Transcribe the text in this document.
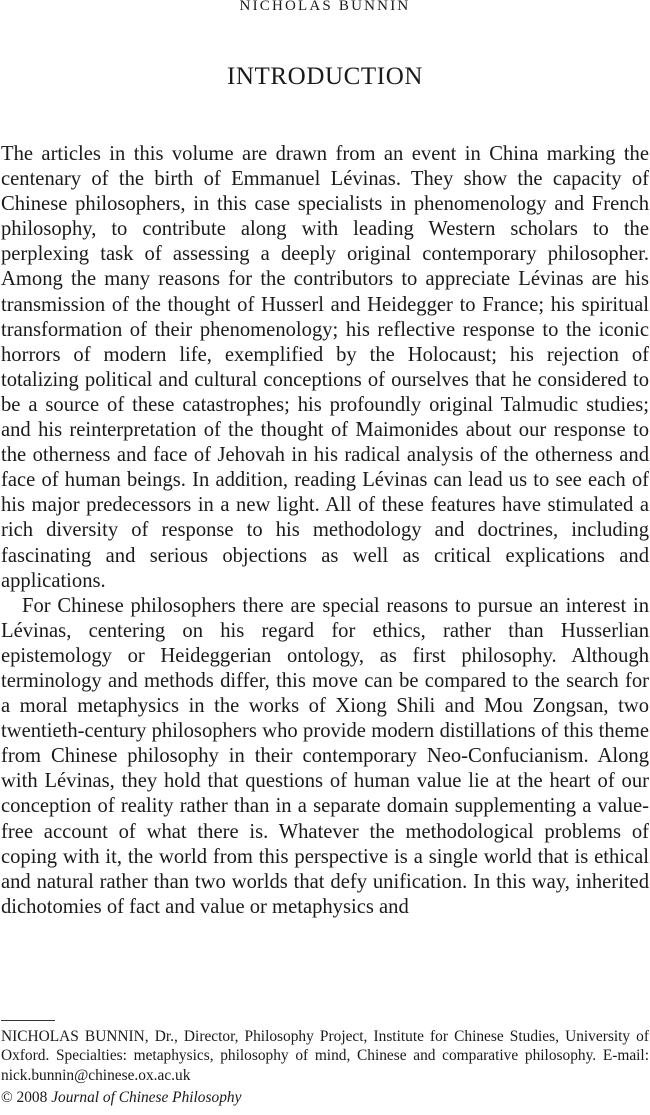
NICHOLAS BUNNIN
INTRODUCTION

The articles in this volume are drawn from an event in China marking the centenary of the birth of Emmanuel Lévinas. They show the capacity of Chinese philosophers, in this case specialists in phenomenology and French philosophy, to contribute along with leading Western scholars to the perplexing task of assessing a deeply original contemporary philosopher. Among the many reasons for the contributors to appreciate Lévinas are his transmission of the thought of Husserl and Heidegger to France; his spiritual transformation of their phenomenology; his reflective response to the iconic horrors of modern life, exemplified by the Holocaust; his rejection of totalizing political and cultural conceptions of ourselves that he considered to be a source of these catastrophes; his profoundly original Talmudic studies; and his reinterpretation of the thought of Maimonides about our response to the otherness and face of Jehovah in his radical analysis of the otherness and face of human beings. In addition, reading Lévinas can lead us to see each of his major predecessors in a new light. All of these features have stimulated a rich diversity of response to his methodology and doctrines, including fascinating and serious objections as well as critical explications and applications.

For Chinese philosophers there are special reasons to pursue an interest in Lévinas, centering on his regard for ethics, rather than Husserlian epistemology or Heideggerian ontology, as first philosophy. Although terminology and methods differ, this move can be compared to the search for a moral metaphysics in the works of Xiong Shili and Mou Zongsan, two twentieth-century philosophers who provide modern distillations of this theme from Chinese philosophy in their contemporary Neo-Confucianism. Along with Lévinas, they hold that questions of human value lie at the heart of our conception of reality rather than in a separate domain supplementing a value-free account of what there is. Whatever the methodological problems of coping with it, the world from this perspective is a single world that is ethical and natural rather than two worlds that defy unification. In this way, inherited dichotomies of fact and value or metaphysics and

NICHOLAS BUNNIN, Dr., Director, Philosophy Project, Institute for Chinese Studies, University of Oxford. Specialties: metaphysics, philosophy of mind, Chinese and comparative philosophy. E-mail: nick.bunnin@chinese.ox.ac.uk
© 2008 Journal of Chinese Philosophy
